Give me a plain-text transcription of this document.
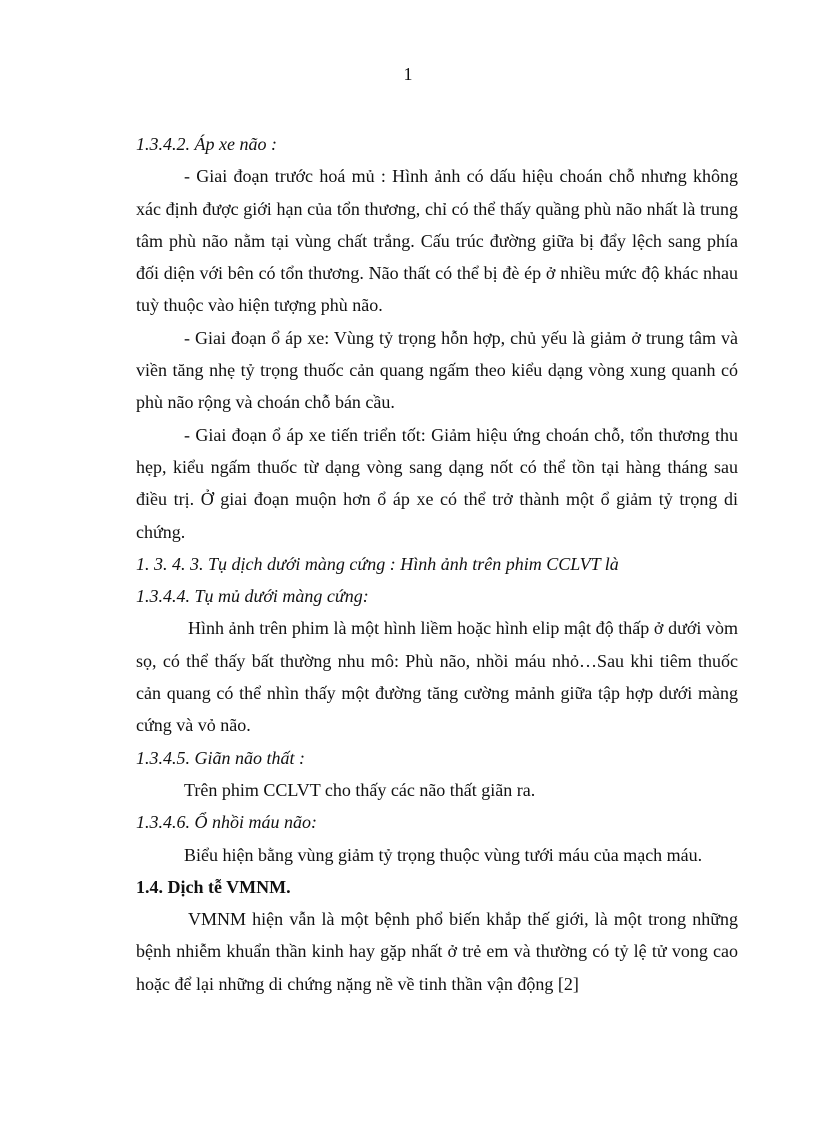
1

1.3.4.2. Áp xe não :

- Giai đoạn trước hoá mủ : Hình ảnh có dấu hiệu choán chỗ nhưng không xác định được giới hạn của tổn thương, chỉ có thể thấy quầng phù não nhất là trung tâm phù não nằm tại vùng chất trắng. Cấu trúc đường giữa bị đẩy lệch sang phía đối diện với bên có tổn thương. Não thất có thể bị đè ép ở nhiều mức độ khác nhau tuỳ thuộc vào hiện tượng phù não.

- Giai đoạn ổ áp xe: Vùng tỷ trọng hỗn hợp, chủ yếu là giảm ở trung tâm và viền tăng nhẹ tỷ trọng thuốc cản quang ngấm theo kiểu dạng vòng xung quanh có phù não rộng và choán chỗ bán cầu.

- Giai đoạn ổ áp xe tiến triển tốt: Giảm hiệu ứng choán chỗ, tổn thương thu hẹp, kiểu ngấm thuốc từ dạng vòng sang dạng nốt có thể tồn tại hàng tháng sau điều trị. Ở giai đoạn muộn hơn ổ áp xe có thể trở thành một ổ giảm tỷ trọng di chứng.

1. 3. 4. 3. Tụ dịch dưới màng cứng : Hình ảnh trên phim CCLVT là

1.3.4.4. Tụ mủ dưới màng cứng:

Hình ảnh trên phim là một hình liềm hoặc hình elip mật độ thấp ở dưới vòm sọ, có thể thấy bất thường nhu mô: Phù não, nhồi máu nhỏ…Sau khi tiêm thuốc cản quang có thể nhìn thấy một đường tăng cường mảnh giữa tập hợp dưới màng cứng và vỏ não.

1.3.4.5. Giãn não thất :

Trên phim CCLVT cho thấy các não thất giãn ra.

1.3.4.6. Ổ nhồi máu não:

Biểu hiện bằng vùng giảm tỷ trọng thuộc vùng tưới máu của mạch máu.

1.4. Dịch tễ VMNM.

VMNM hiện vẫn là một bệnh phổ biến khắp thế giới, là một trong những bệnh nhiễm khuẩn thần kinh hay gặp nhất ở trẻ em và thường có tỷ lệ tử vong cao hoặc để lại những di chứng nặng nề về tinh thần vận động [2]
